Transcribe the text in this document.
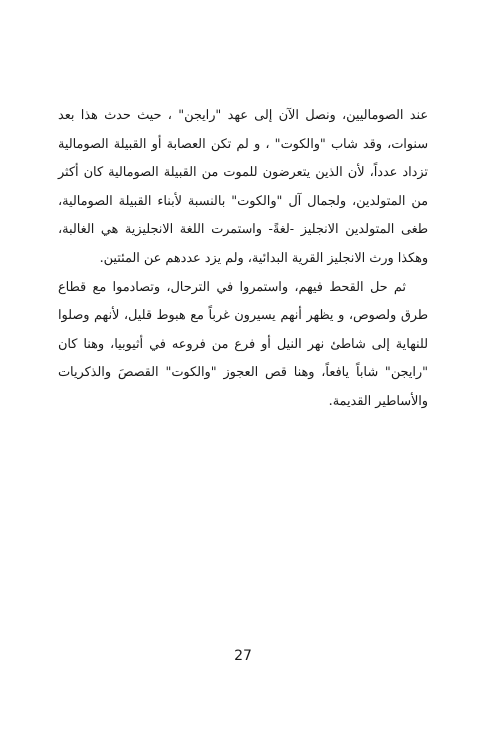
عند الصوماليين، ونصل الآن إلى عهد "رايجن" ، حيث حدث هذا بعد سنوات، وقد شاب "والكوت" ، و لم تكن العصابة أو القبيلة الصومالية تزداد عدداً، لأن الذين يتعرضون للموت من القبيلة الصومالية كان أكثر من المتولدين، ولجمال آل "والكوت" بالنسبة لأبناء القبيلة الصومالية، طغى المتولدين الانجليز -لغةً- واستمرت اللغة الانجليزية هي الغالبة، وهكذا ورث الانجليز القرية البدائية، ولم يزد عددهم عن المئتين.

ثم حل القحط فيهم، واستمروا في الترحال، وتصادموا مع قطاع طرق ولصوص، و يظهر أنهم يسيرون غرباً مع هبوط قليل، لأنهم وصلوا للنهاية إلى شاطئ نهر النيل أو فرع من فروعه في أثيوبيا، وهنا كان "رايجن" شاباً يافعاً، وهنا قص العجوز "والكوت" القصصَ والذكريات والأساطير القديمة.

27
